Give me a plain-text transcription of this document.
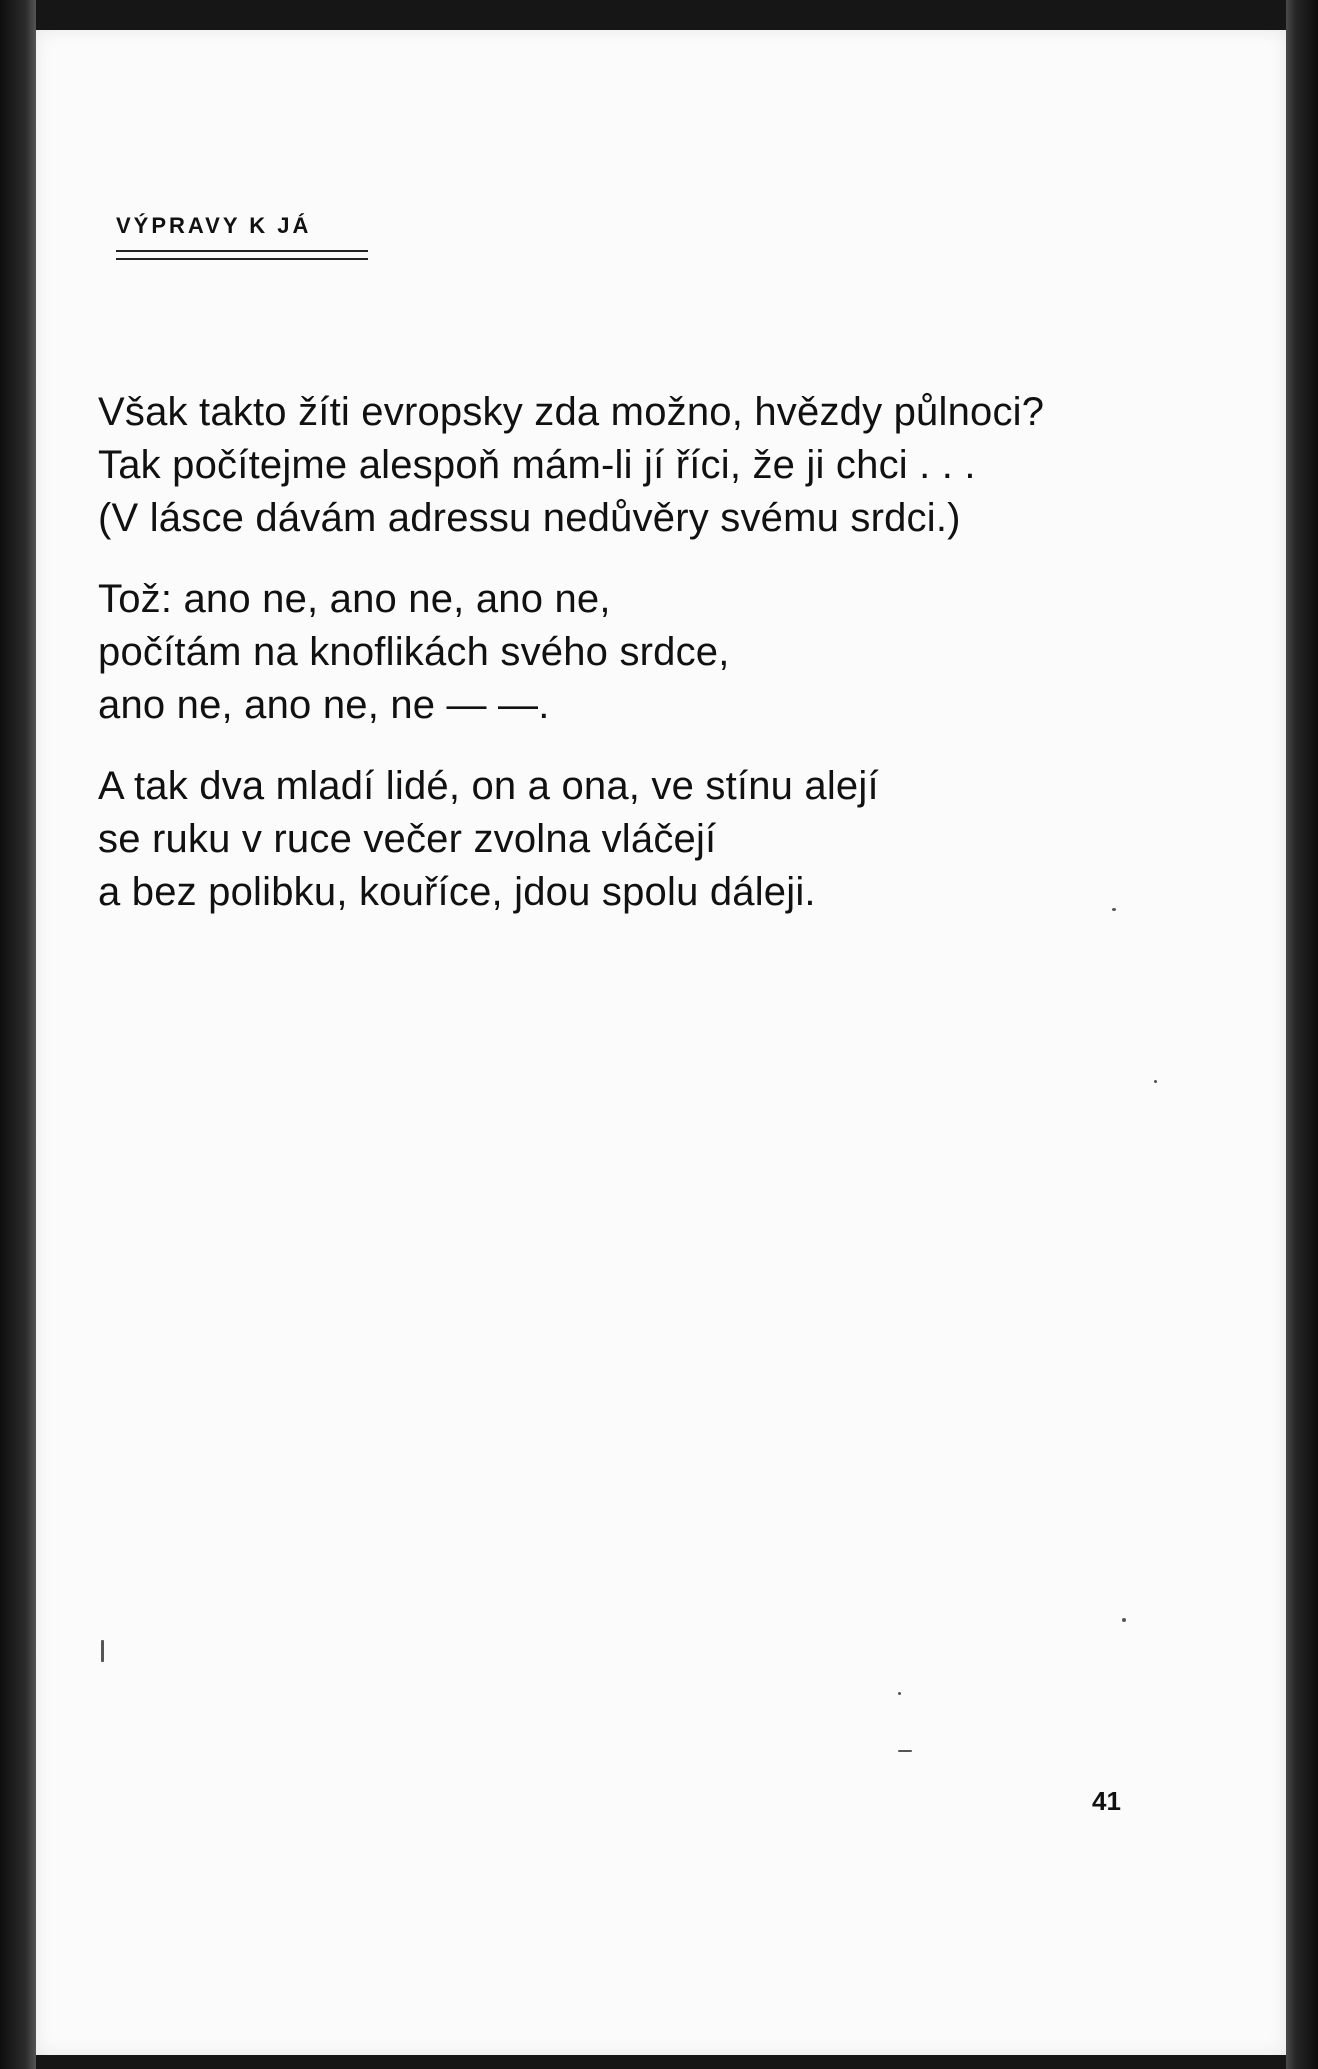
VÝPRAVY K JÁ
Však takto žíti evropsky zda možno, hvězdy půlnoci?
Tak počítejme alespoň mám-li jí říci, že ji chci . . .
(V lásce dávám adressu nedůvěry svému srdci.)
Tož: ano ne, ano ne, ano ne,
počítám na knoflikách svého srdce,
ano ne, ano ne, ne — —.
A tak dva mladí lidé, on a ona, ve stínu alejí
se ruku v ruce večer zvolna vláčejí
a bez polibku, kouříce, jdou spolu dáleji.
41
